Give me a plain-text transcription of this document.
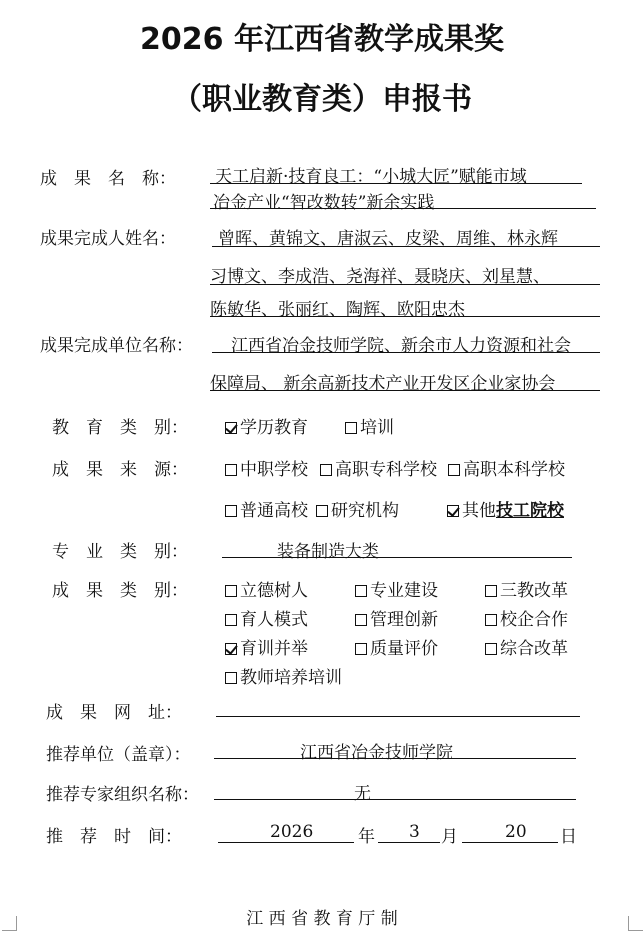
2026 年江西省教学成果奖
（职业教育类）申报书
成　果　名　称： 天工启新·技育良工：“小城大匠”赋能市域
冶金产业“智改数转”新余实践
成果完成人姓名： 曾晖、黄锦文、唐淑云、皮梁、周维、林永辉
习博文、李成浩、尧海祥、聂晓庆、刘星慧、
陈敏华、张丽红、陶辉、欧阳忠杰
成果完成单位名称： 江西省冶金技师学院、新余市人力资源和社会
保障局、 新余高新技术产业开发区企业家协会
教　育　类　别：	学历教育	培训
成　果　来　源：	中职学校	高职专科学校	高职本科学校
普通高校	研究机构	其他技工院校
专　业　类　别：	装备制造大类
成　果　类　别：	立德树人	专业建设	三教改革
育人模式	管理创新	校企合作
育训并举	质量评价	综合改革
教师培养培训
成　果　网　址：
推荐单位（盖章）：	江西省冶金技师学院
推荐专家组织名称：	无
推　荐　时　间：	2026	年 3 月	20 日
江 西 省 教 育 厅 制
